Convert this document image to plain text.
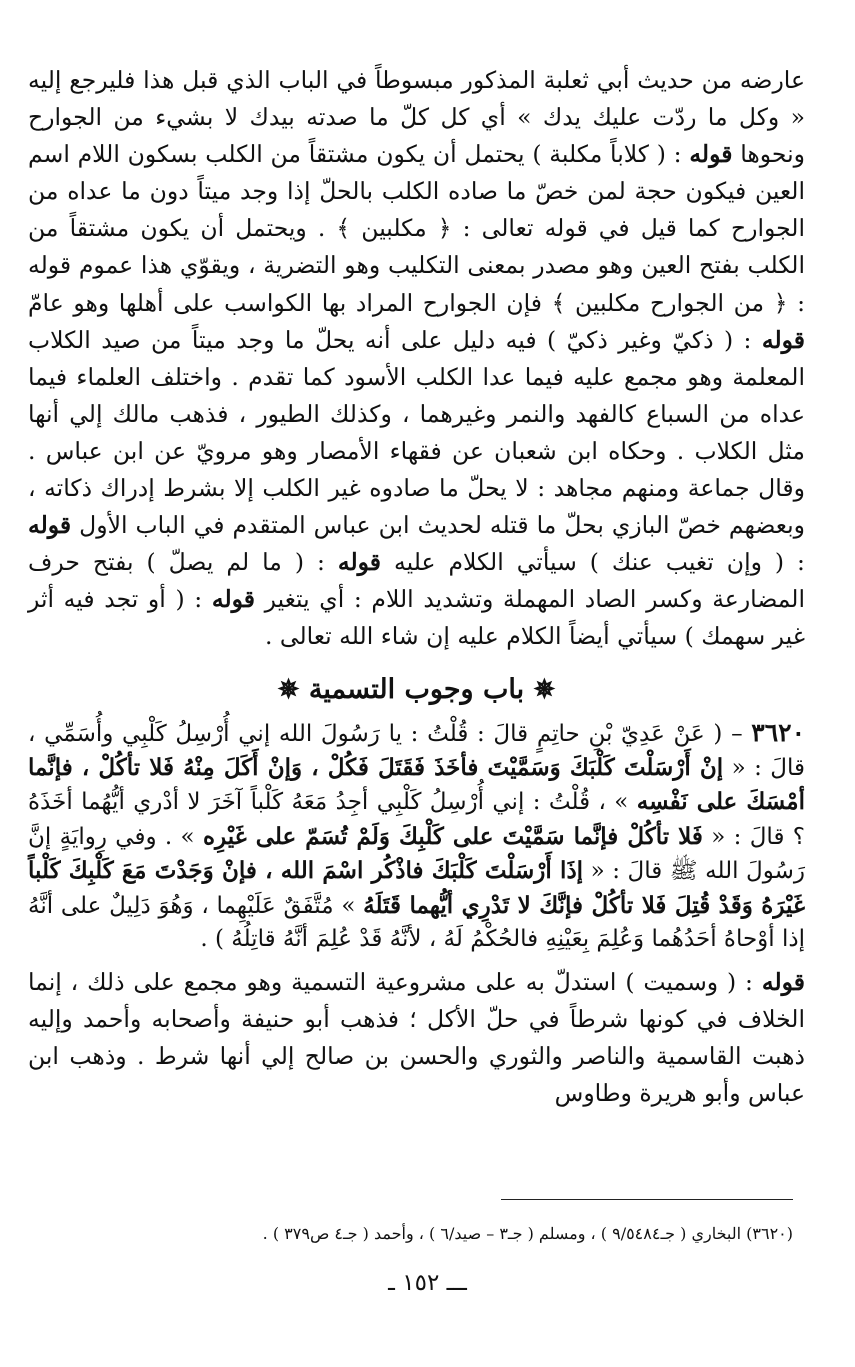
عارضه من حديث أبي ثعلبة المذكور مبسوطاً في الباب الذي قبل هذا فليرجع إليه « وكل ما ردّت عليك يدك » أي كل كلّ ما صدته بيدك لا بشيء من الجوارح ونحوها قوله : ( كلاباً مكلبة ) يحتمل أن يكون مشتقاً من الكلب بسكون اللام اسم العين فيكون حجة لمن خصّ ما صاده الكلب بالحلّ إذا وجد ميتاً دون ما عداه من الجوارح كما قيل في قوله تعالى : ﴿ مكلبين ﴾ . ويحتمل أن يكون مشتقاً من الكلب بفتح العين وهو مصدر بمعنى التكليب وهو التضرية ، ويقوّي هذا عموم قوله : ﴿ من الجوارح مكلبين ﴾ فإن الجوارح المراد بها الكواسب على أهلها وهو عامّ قوله : ( ذكيّ وغير ذكيّ ) فيه دليل على أنه يحلّ ما وجد ميتاً من صيد الكلاب المعلمة وهو مجمع عليه فيما عدا الكلب الأسود كما تقدم . واختلف العلماء فيما عداه من السباع كالفهد والنمر وغيرهما ، وكذلك الطيور ، فذهب مالك إلي أنها مثل الكلاب . وحكاه ابن شعبان عن فقهاء الأمصار وهو مرويّ عن ابن عباس . وقال جماعة ومنهم مجاهد : لا يحلّ ما صادوه غير الكلب إلا بشرط إدراك ذكاته ، وبعضهم خصّ البازي بحلّ ما قتله لحديث ابن عباس المتقدم في الباب الأول قوله : ( وإن تغيب عنك ) سيأتي الكلام عليه قوله : ( ما لم يصلّ ) بفتح حرف المضارعة وكسر الصاد المهملة وتشديد اللام : أي يتغير قوله : ( أو تجد فيه أثر غير سهمك ) سيأتي أيضاً الكلام عليه إن شاء الله تعالى .

✵ باب وجوب التسمية ✵

٣٦٢٠ – ( عَنْ عَدِيّ بْنِ حاتِمٍ قالَ : قُلْتُ : يا رَسُولَ الله إني أُرْسِلُ كَلْبِي وأُسَمِّي ، قالَ : « إنْ أَرْسَلْتَ كَلْبَكَ وَسَمَّيْتَ فأخَذَ فَقَتَلَ فَكُلْ ، وَإنْ أَكَلَ مِنْهُ فَلا تأكُلْ ، فإنَّما أمْسَكَ على نَفْسِه » ، قُلْتُ : إني أُرْسِلُ كَلْبِي أجِدُ مَعَهُ كَلْباً آخَرَ لا أدْري أيُّهُما أخَذَهُ ؟ قالَ : « فَلا تأكُلْ فإنَّما سَمَّيْتَ على كَلْبِكَ وَلَمْ تُسَمّ على غَيْرِه » . وفي رِوايَةٍ إنَّ رَسُولَ الله ﷺ قالَ : « إذَا أَرْسَلْتَ كَلْبَكَ فاذْكُر اسْمَ الله ، فإنْ وَجَدْتَ مَعَ كَلْبِكَ كَلْباً غَيْرَهُ وَقَدْ قُتِلَ فَلا تأكُلْ فإنَّكَ لا تَدْرِي أيُّهما قَتَلَهُ » مُتَّفَقٌ عَلَيْهِما ، وَهُوَ دَلِيلٌ على أنَّهُ إذا أوْحاهُ أحَدُهُما وَعُلِمَ بِعَيْنِهِ فالحُكْمُ لَهُ ، لأنَّهُ قَدْ عُلِمَ أنَّهُ قاتِلُهُ ) .

قوله : ( وسميت ) استدلّ به على مشروعية التسمية وهو مجمع على ذلك ، إنما الخلاف في كونها شرطاً في حلّ الأكل ؛ فذهب أبو حنيفة وأصحابه وأحمد وإليه ذهبت القاسمية والناصر والثوري والحسن بن صالح إلي أنها شرط . وذهب ابن عباس وأبو هريرة وطاوس

(٣٦٢٠) البخاري ( جـ٩/٥٤٨٤ ) ، ومسلم ( جـ٣ – صيد/٦ ) ، وأحمد ( جـ٤ ص٣٧٩ ) .
ـــ ١٥٢ ـ
